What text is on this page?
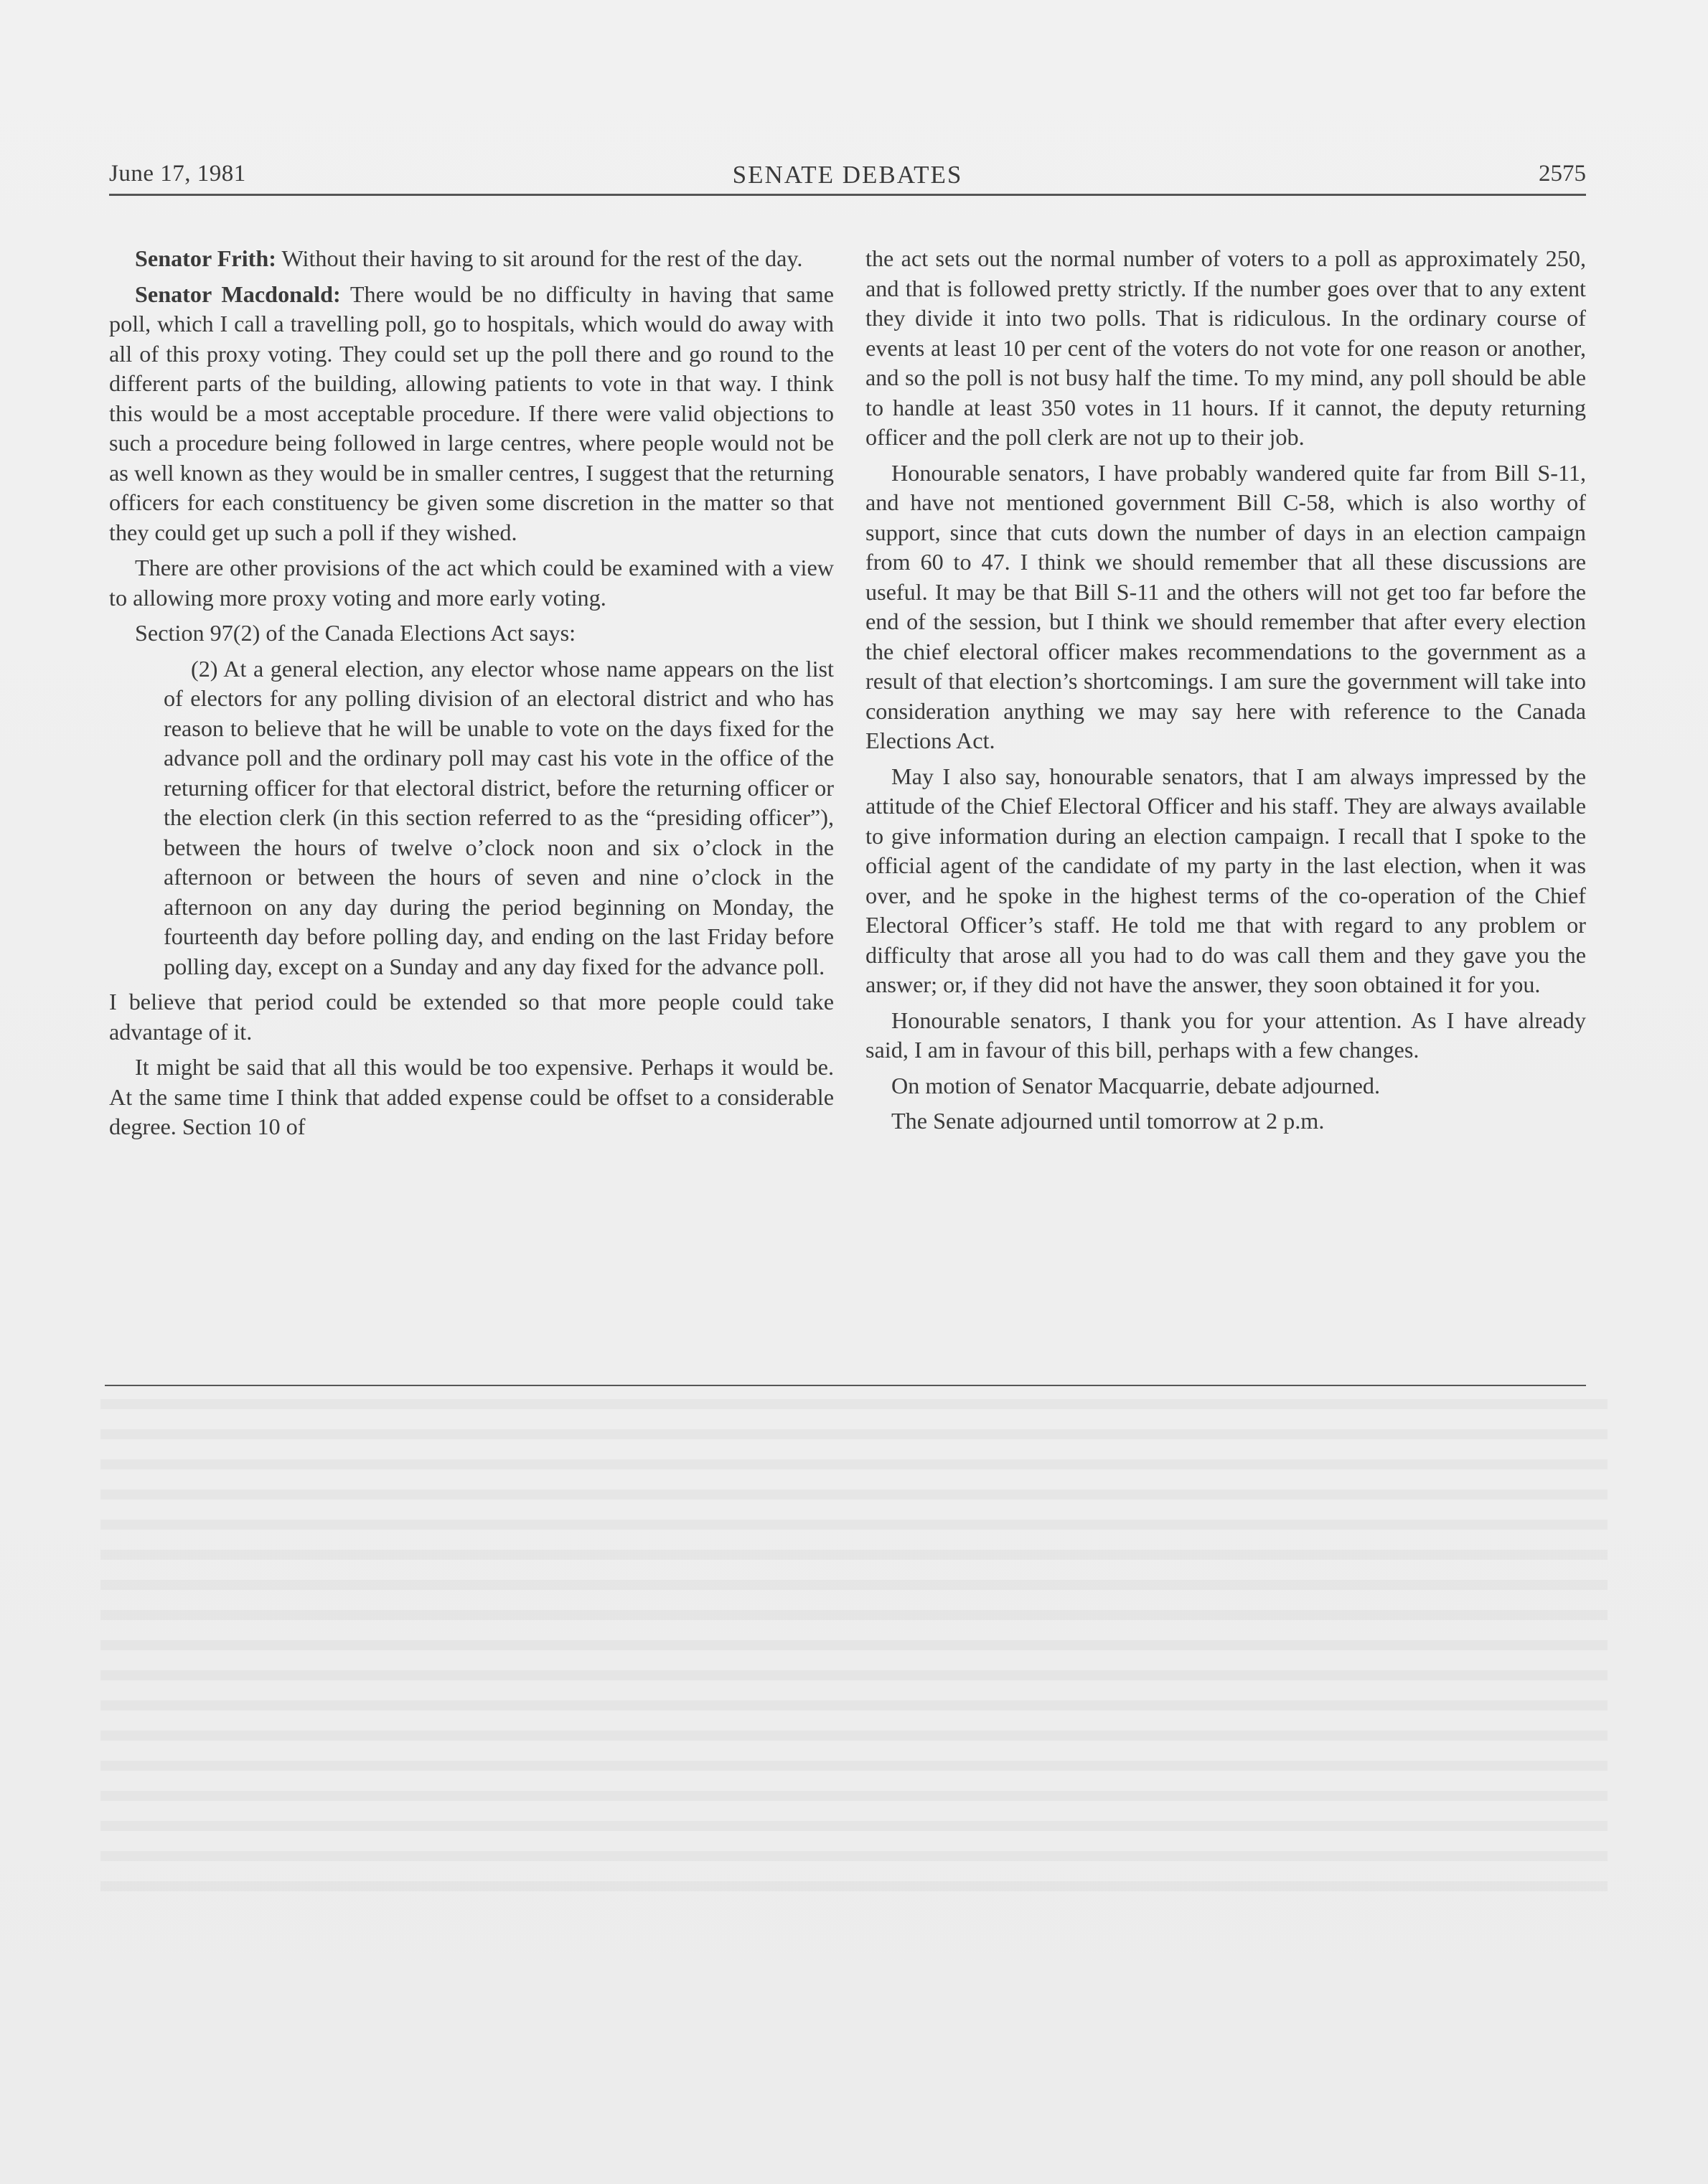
June 17, 1981	SENATE DEBATES	2575

Senator Frith: Without their having to sit around for the rest of the day.

Senator Macdonald: There would be no difficulty in having that same poll, which I call a travelling poll, go to hospitals, which would do away with all of this proxy voting. They could set up the poll there and go round to the different parts of the building, allowing patients to vote in that way. I think this would be a most acceptable procedure. If there were valid objections to such a procedure being followed in large centres, where people would not be as well known as they would be in smaller centres, I suggest that the returning officers for each constituency be given some discretion in the matter so that they could get up such a poll if they wished.

There are other provisions of the act which could be examined with a view to allowing more proxy voting and more early voting.

Section 97(2) of the Canada Elections Act says:

(2) At a general election, any elector whose name appears on the list of electors for any polling division of an electoral district and who has reason to believe that he will be unable to vote on the days fixed for the advance poll and the ordinary poll may cast his vote in the office of the returning officer for that electoral district, before the returning officer or the election clerk (in this section referred to as the “presiding officer”), between the hours of twelve o’clock noon and six o’clock in the afternoon or between the hours of seven and nine o’clock in the afternoon on any day during the period beginning on Monday, the fourteenth day before polling day, and ending on the last Friday before polling day, except on a Sunday and any day fixed for the advance poll.

I believe that period could be extended so that more people could take advantage of it.

It might be said that all this would be too expensive. Perhaps it would be. At the same time I think that added expense could be offset to a considerable degree. Section 10 of

the act sets out the normal number of voters to a poll as approximately 250, and that is followed pretty strictly. If the number goes over that to any extent they divide it into two polls. That is ridiculous. In the ordinary course of events at least 10 per cent of the voters do not vote for one reason or another, and so the poll is not busy half the time. To my mind, any poll should be able to handle at least 350 votes in 11 hours. If it cannot, the deputy returning officer and the poll clerk are not up to their job.

Honourable senators, I have probably wandered quite far from Bill S-11, and have not mentioned government Bill C-58, which is also worthy of support, since that cuts down the number of days in an election campaign from 60 to 47. I think we should remember that all these discussions are useful. It may be that Bill S-11 and the others will not get too far before the end of the session, but I think we should remember that after every election the chief electoral officer makes recommendations to the government as a result of that election’s shortcomings. I am sure the government will take into consideration anything we may say here with reference to the Canada Elections Act.

May I also say, honourable senators, that I am always impressed by the attitude of the Chief Electoral Officer and his staff. They are always available to give information during an election campaign. I recall that I spoke to the official agent of the candidate of my party in the last election, when it was over, and he spoke in the highest terms of the co-operation of the Chief Electoral Officer’s staff. He told me that with regard to any problem or difficulty that arose all you had to do was call them and they gave you the answer; or, if they did not have the answer, they soon obtained it for you.

Honourable senators, I thank you for your attention. As I have already said, I am in favour of this bill, perhaps with a few changes.

On motion of Senator Macquarrie, debate adjourned.

The Senate adjourned until tomorrow at 2 p.m.
